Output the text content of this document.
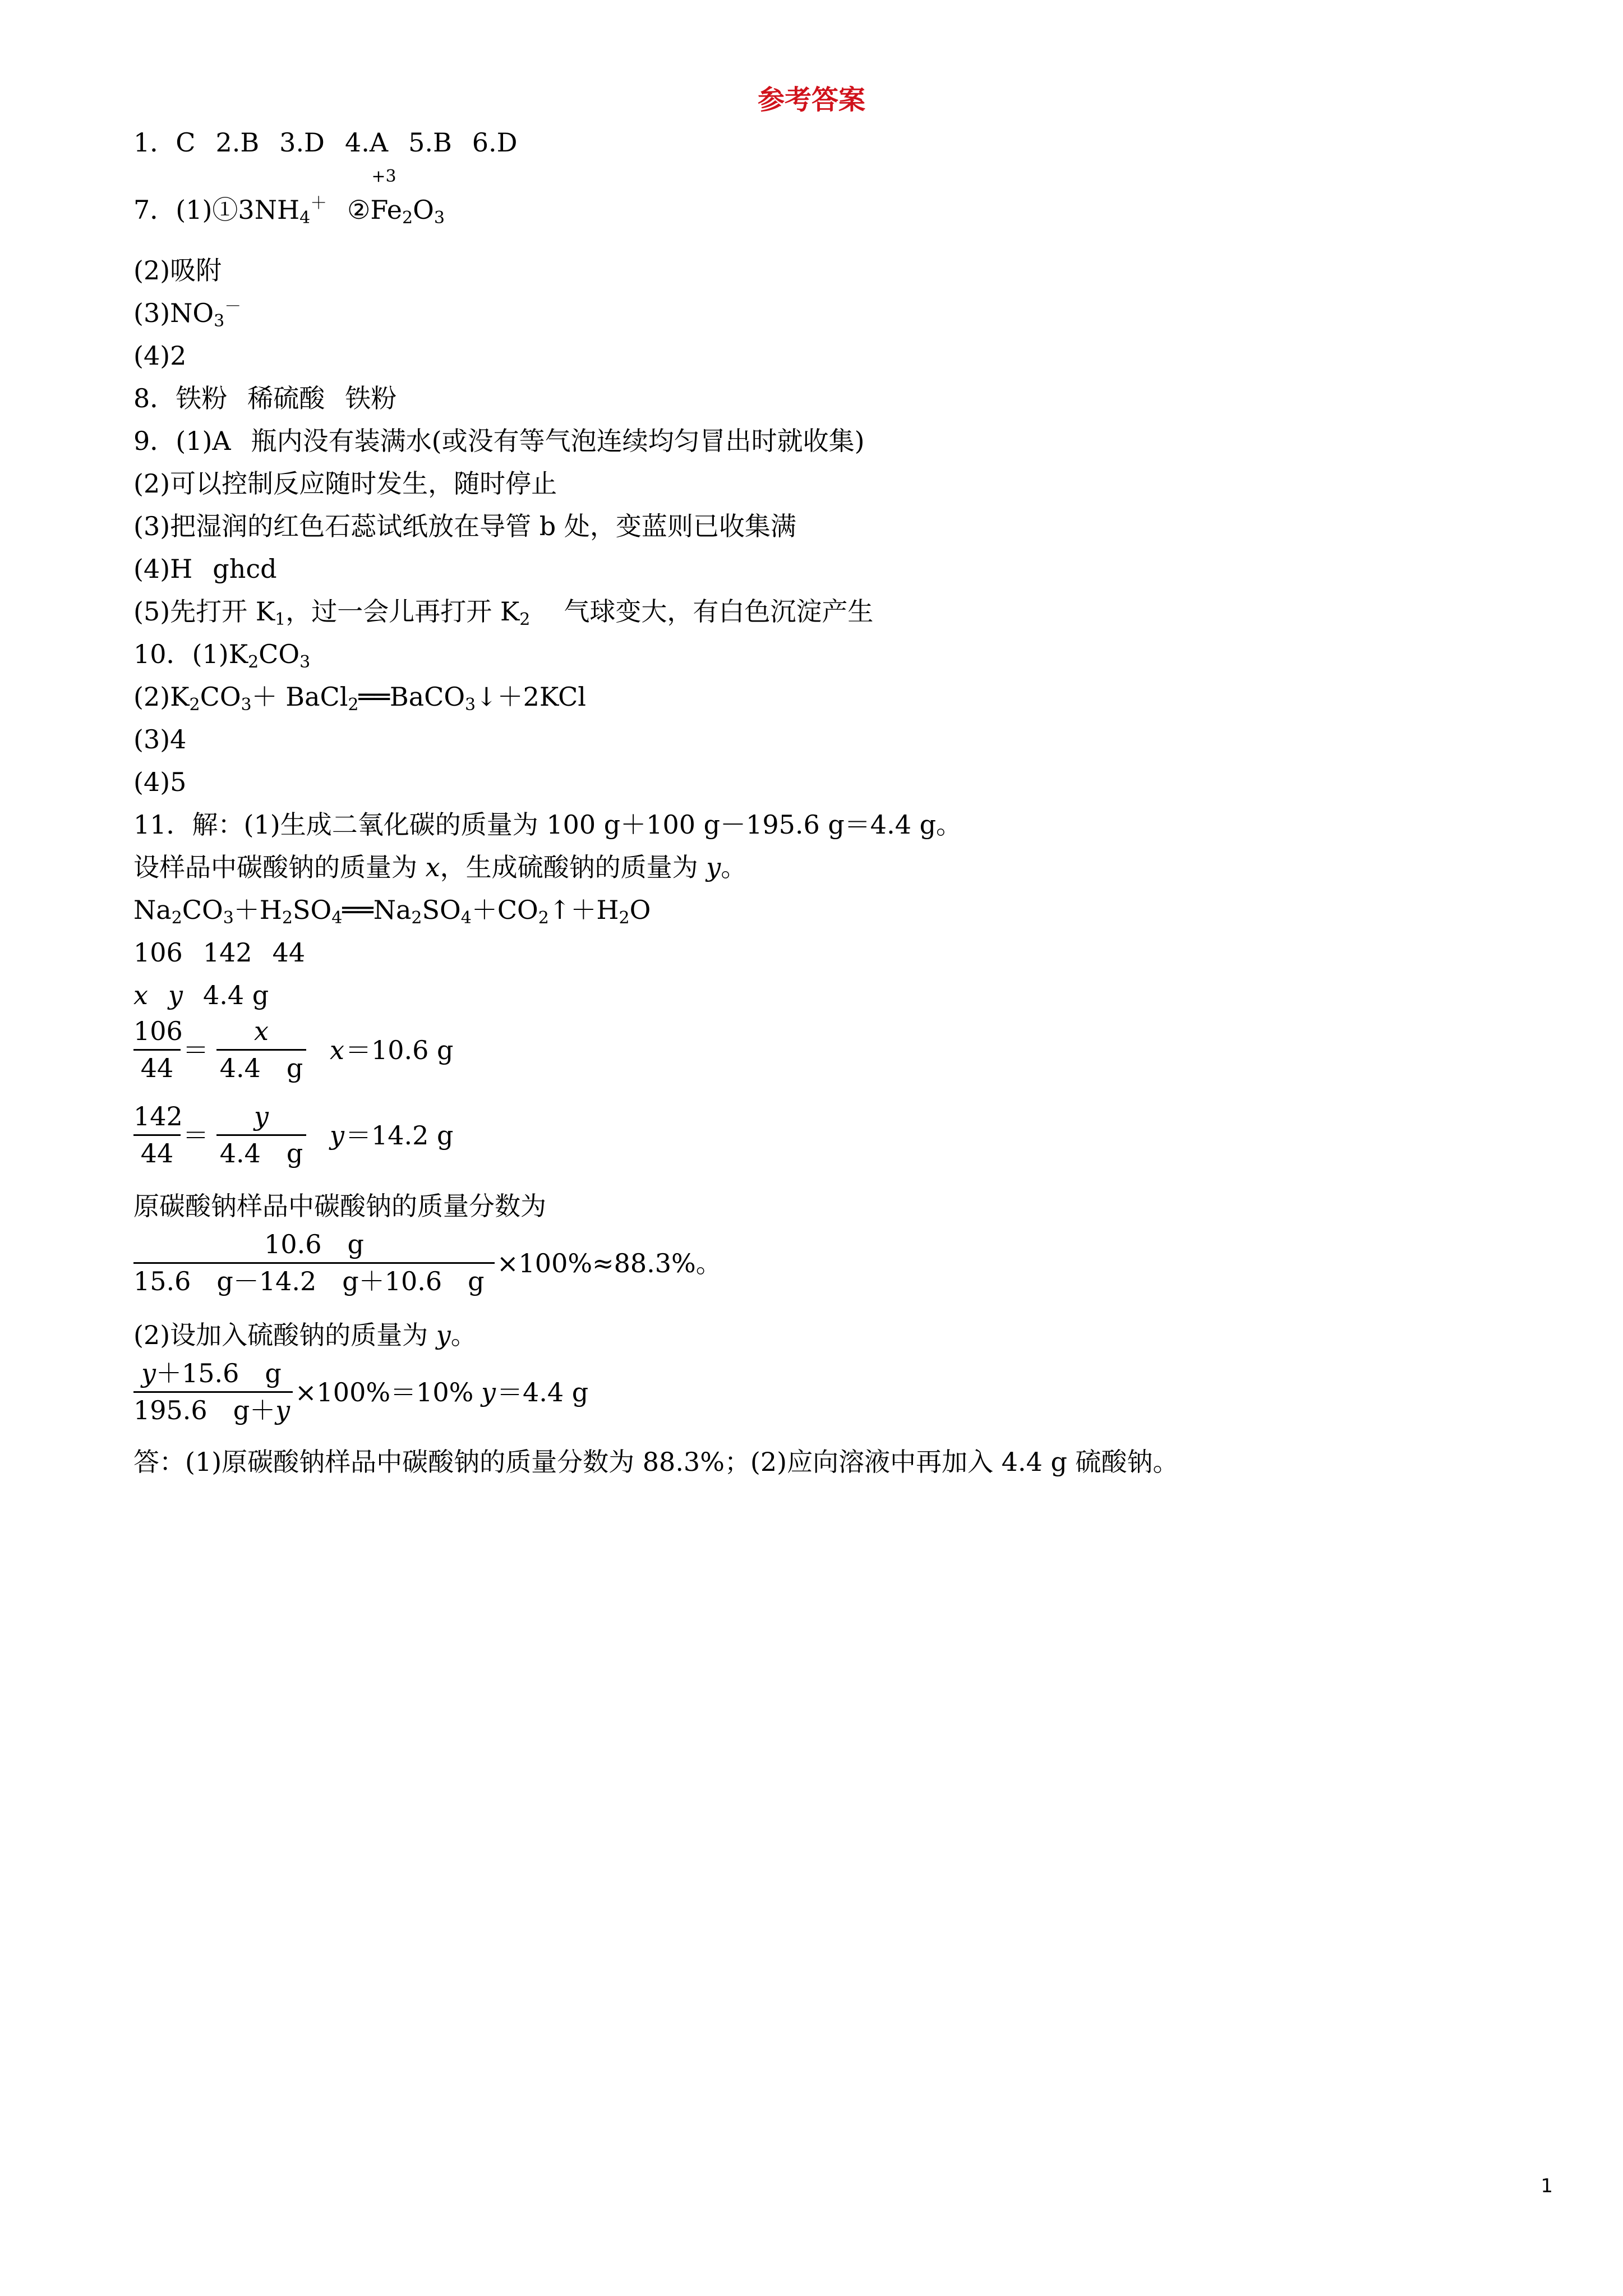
参考答案
1．C 2.B 3.D 4.A 5.B 6.D
7．$(1)①3NH_4^+$ ②
+3
$Fe_2O_3$
(2)吸附
$(3)NO_3^-$
(4)2
8．铁粉 稀硫酸 铁粉
9．(1)A 瓶内没有装满水(或没有等气泡连续均匀冒出时就收集)
(2)可以控制反应随时发生，随时停止
(3)把湿润的红色石蕊试纸放在导管 b 处，变蓝则已收集满
(4)H ghcd
(5)先打开 $K_1$，过一会儿再打开 $K_2$ 气球变大，有白色沉淀产生
10．$(1)K_2CO_3$
$(2)K_2CO_3+$ BaCl$_2$══BaCO$_3$↓＋2KCl
(3)4
(4)5
11．解：(1)生成二氧化碳的质量为 100 g＋100 g－195.6 g＝4.4 g。
设样品中碳酸钠的质量为 x，生成硫酸钠的质量为 y。
$Na_2CO_3+H_2SO_4══Na_2SO_4+CO_2↑+H_2O$
106 142 44
x y 4.4 g
106
44
＝
x
4.4　g
x ＝10.6 g
142
44
＝
y
4.4　g
y ＝14.2 g
原碳酸钠样品中碳酸钠的质量分数为
10.6　g
15.6　g－14.2　g＋10.6　g
×100%≈88.3%。
(2)设加入硫酸钠的质量为 y。
y＋15.6　g
195.6　g＋y
×100%＝10% y ＝4.4 g
答：(1)原碳酸钠样品中碳酸钠的质量分数为 88.3%；(2)应向溶液中再加入 4.4 g 硫酸钠。
1
